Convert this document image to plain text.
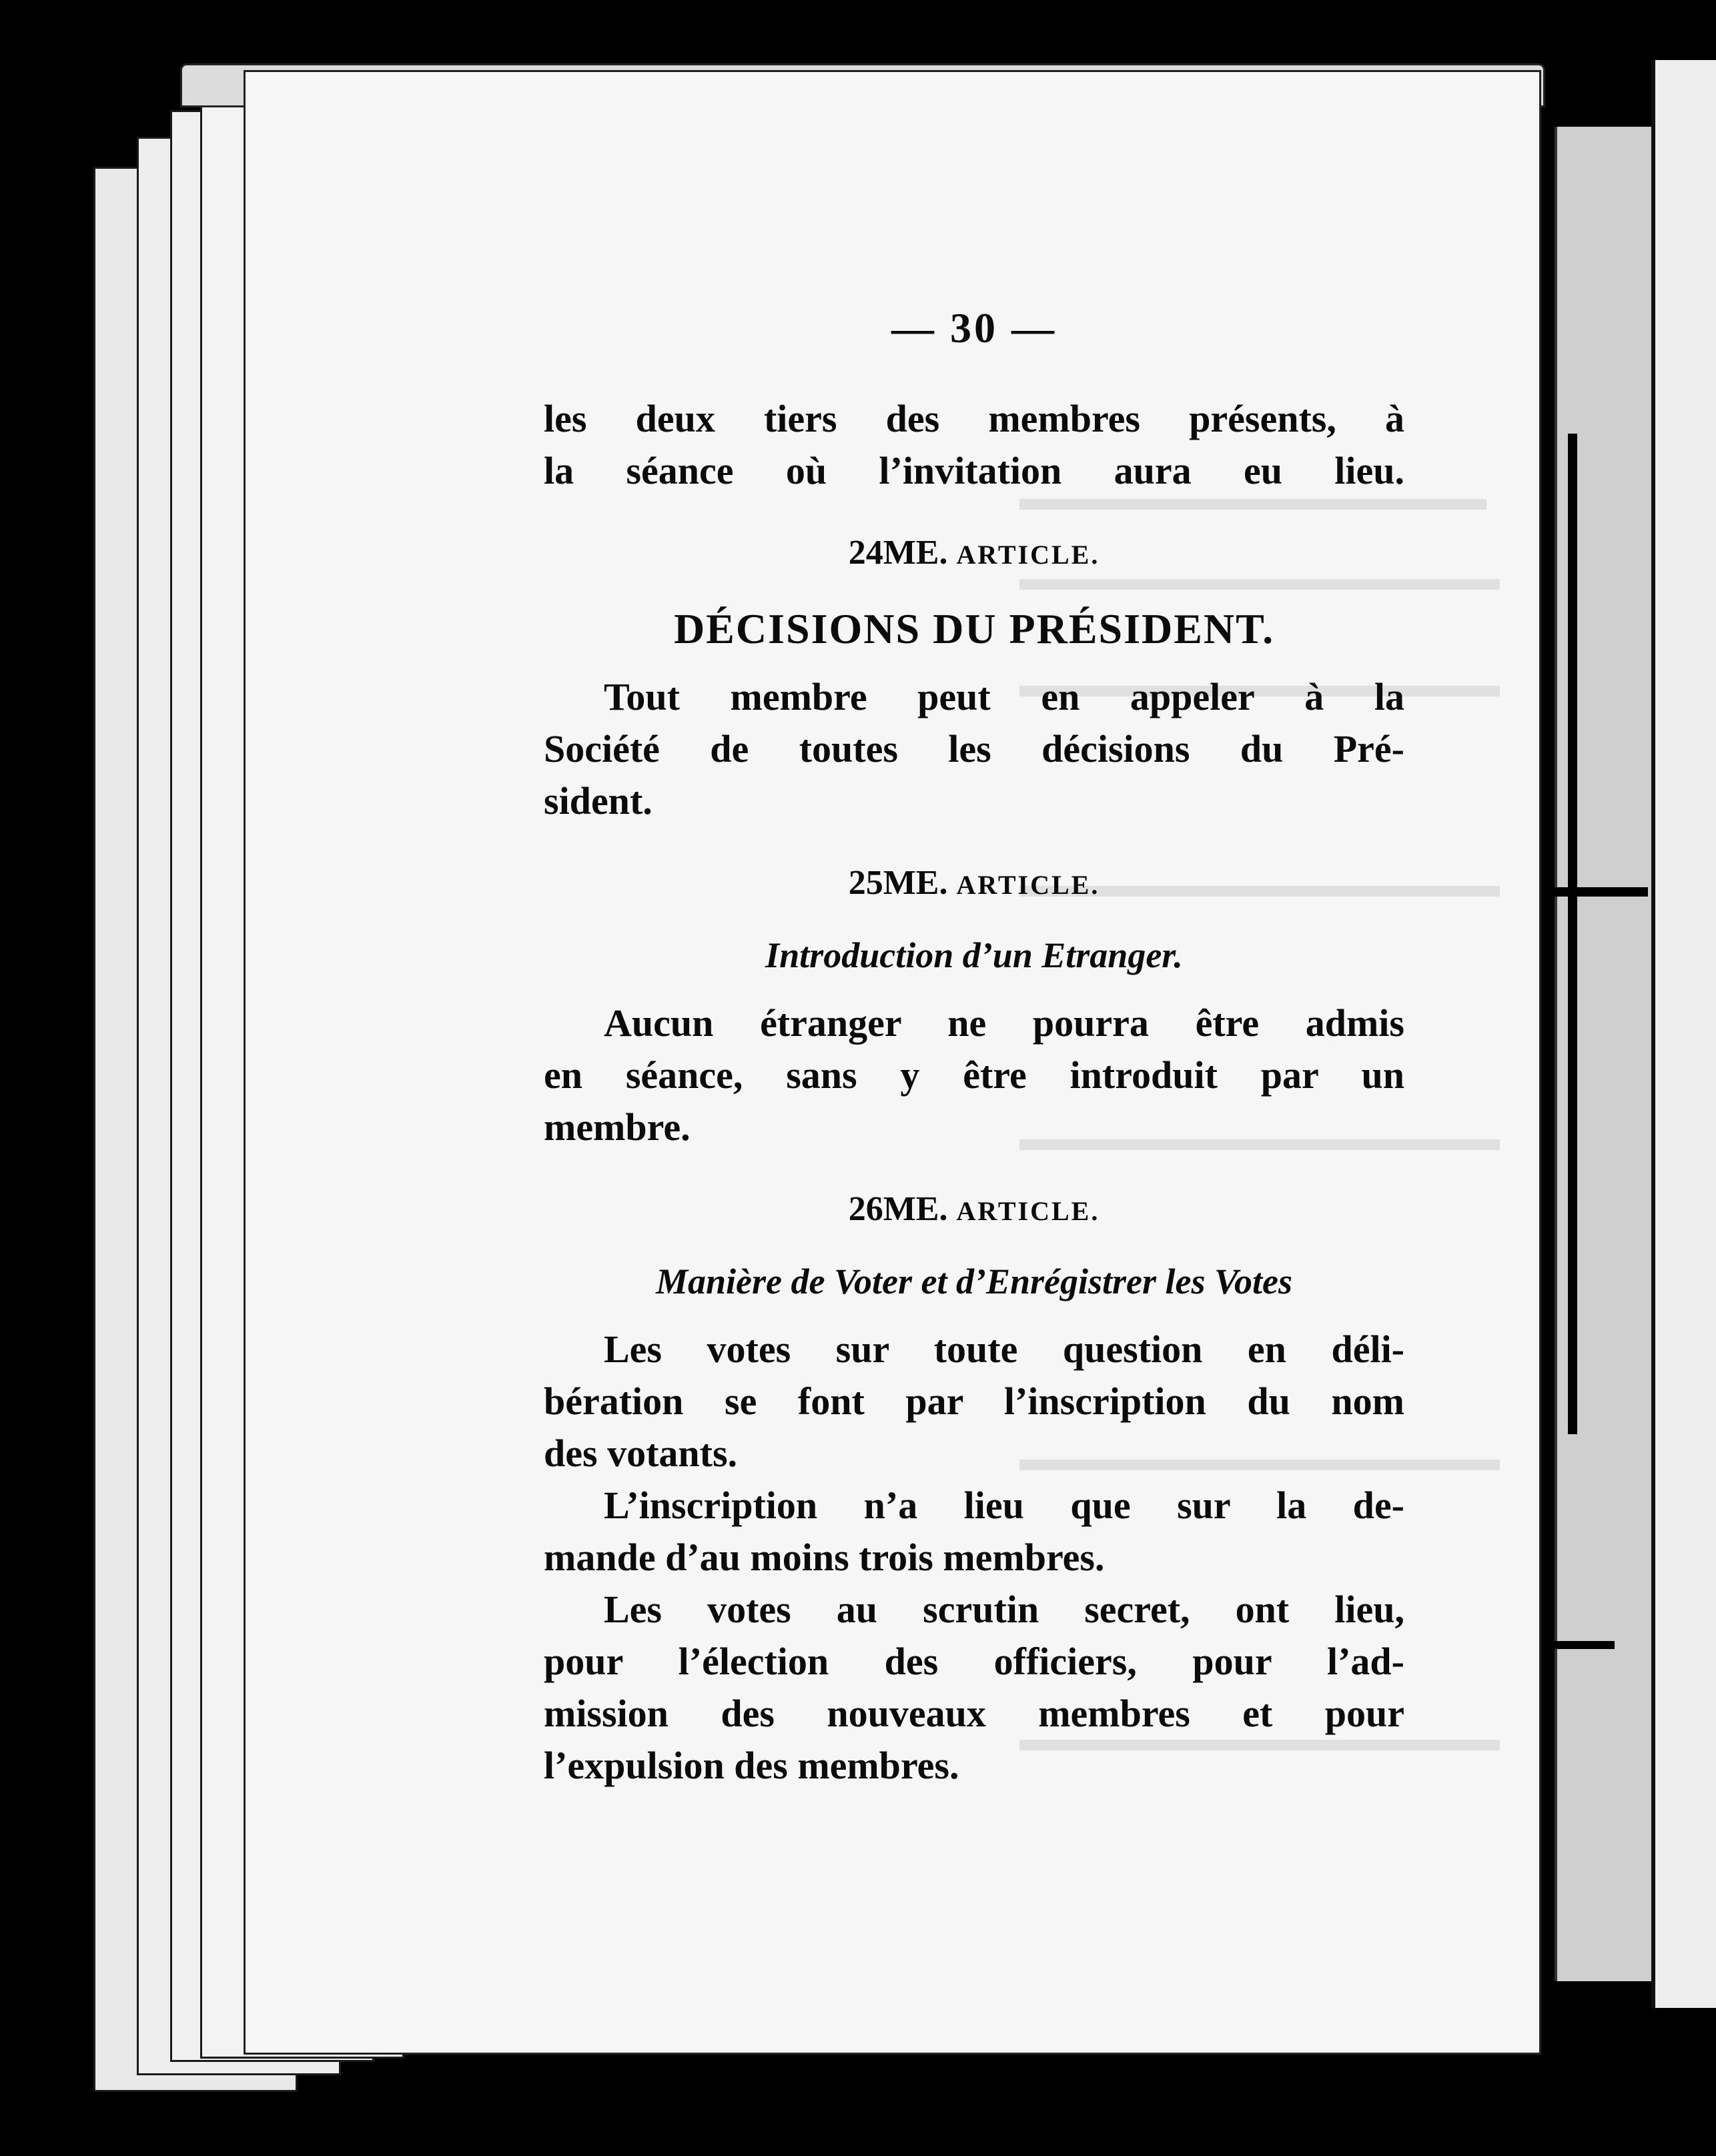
— 30 —
les deux tiers des membres présents, à
la séance où l’invitation aura eu lieu.
24ME. ARTICLE.
DÉCISIONS DU PRÉSIDENT.
Tout membre peut en appeler à la
Société de toutes les décisions du Pré-
sident.
25ME. ARTICLE.
Introduction d’un Etranger.
Aucun étranger ne pourra être admis
en séance, sans y être introduit par un
membre.
26ME. ARTICLE.
Manière de Voter et d’Enrégistrer les Votes
Les votes sur toute question en déli-
bération se font par l’inscription du nom
des votants.
L’inscription n’a lieu que sur la de-
mande d’au moins trois membres.
Les votes au scrutin secret, ont lieu,
pour l’élection des officiers, pour l’ad-
mission des nouveaux membres et pour
l’expulsion des membres.
